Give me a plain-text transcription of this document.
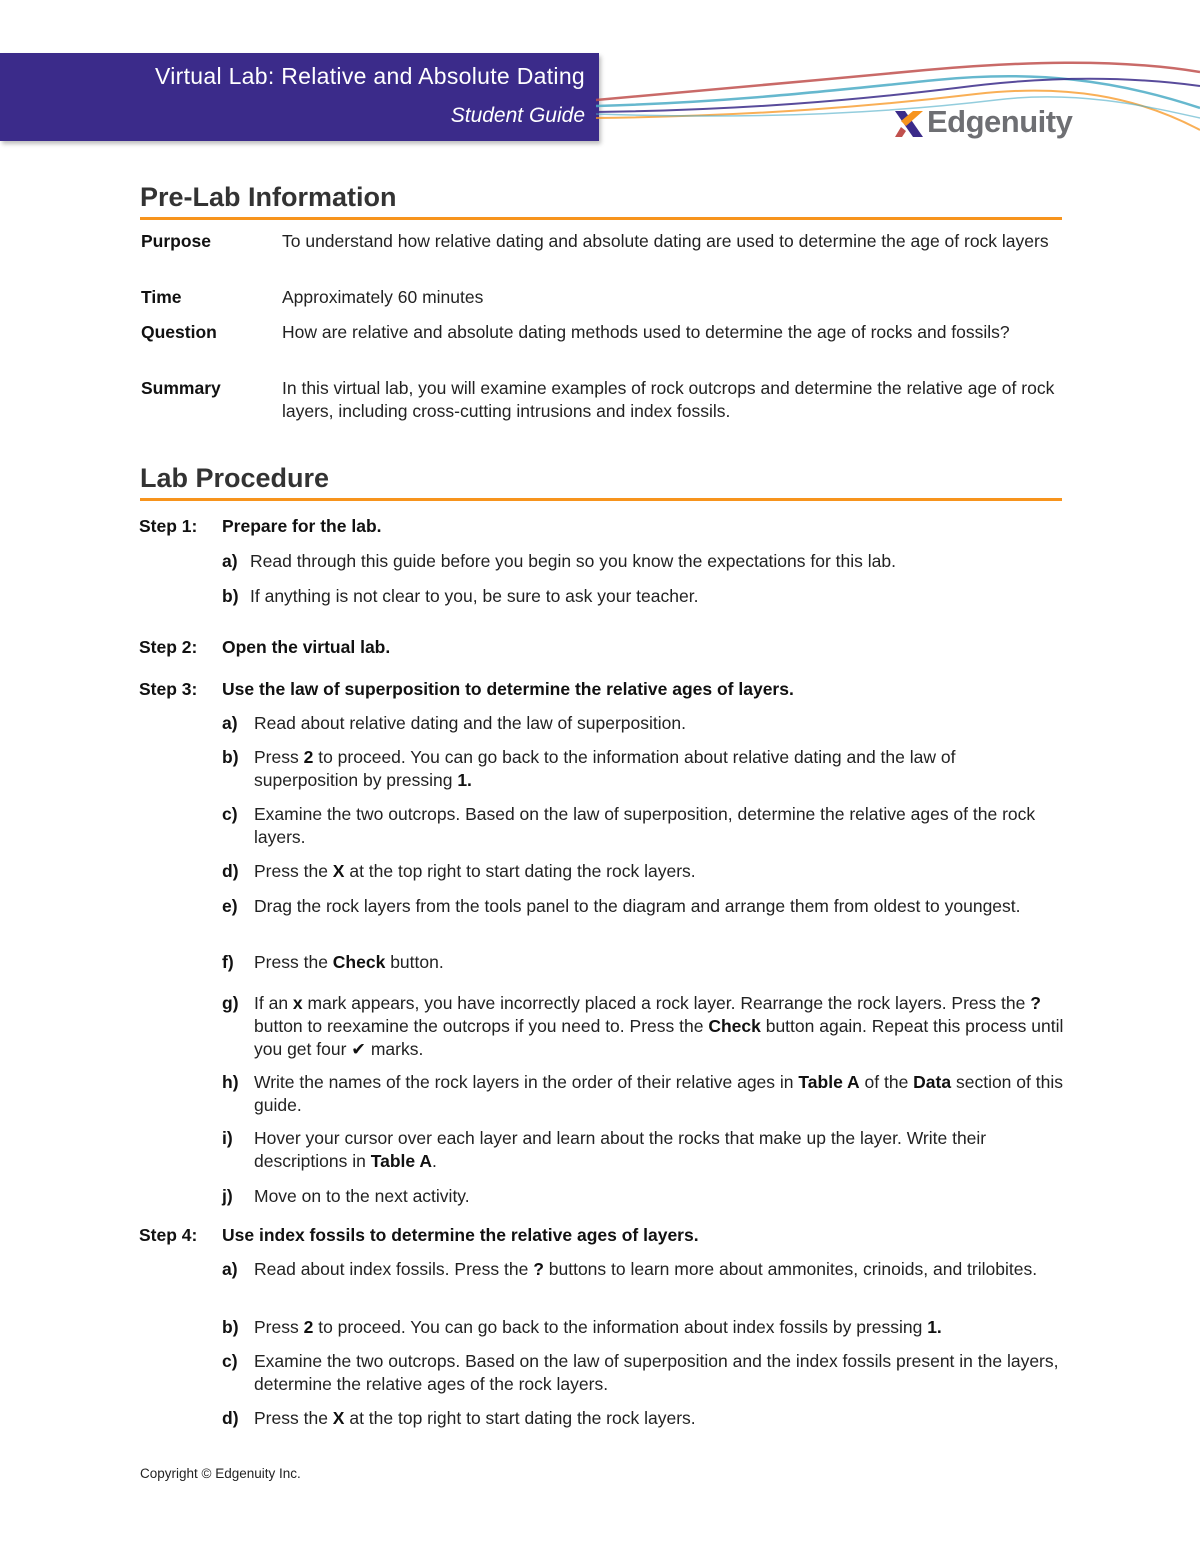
Virtual Lab: Relative and Absolute Dating
Student Guide	Edgenuity
Pre-Lab Information
Purpose	To understand how relative dating and absolute dating are used to determine the age of rock layers
Time	Approximately 60 minutes
Question	How are relative and absolute dating methods used to determine the age of rocks and fossils?
Summary	In this virtual lab, you will examine examples of rock outcrops and determine the relative age of rock layers, including cross-cutting intrusions and index fossils.
Lab Procedure
Step 1: Prepare for the lab.
a) Read through this guide before you begin so you know the expectations for this lab.
b) If anything is not clear to you, be sure to ask your teacher.
Step 2: Open the virtual lab.
Step 3: Use the law of superposition to determine the relative ages of layers.
a) Read about relative dating and the law of superposition.
b) Press 2 to proceed. You can go back to the information about relative dating and the law of superposition by pressing 1.
c) Examine the two outcrops. Based on the law of superposition, determine the relative ages of the rock layers.
d) Press the X at the top right to start dating the rock layers.
e) Drag the rock layers from the tools panel to the diagram and arrange them from oldest to youngest.
f) Press the Check button.
g) If an x mark appears, you have incorrectly placed a rock layer. Rearrange the rock layers. Press the ? button to reexamine the outcrops if you need to. Press the Check button again. Repeat this process until you get four ✔ marks.
h) Write the names of the rock layers in the order of their relative ages in Table A of the Data section of this guide.
i) Hover your cursor over each layer and learn about the rocks that make up the layer. Write their descriptions in Table A.
j) Move on to the next activity.
Step 4: Use index fossils to determine the relative ages of layers.
a) Read about index fossils. Press the ? buttons to learn more about ammonites, crinoids, and trilobites.
b) Press 2 to proceed. You can go back to the information about index fossils by pressing 1.
c) Examine the two outcrops. Based on the law of superposition and the index fossils present in the layers, determine the relative ages of the rock layers.
d) Press the X at the top right to start dating the rock layers.
Copyright © Edgenuity Inc.
